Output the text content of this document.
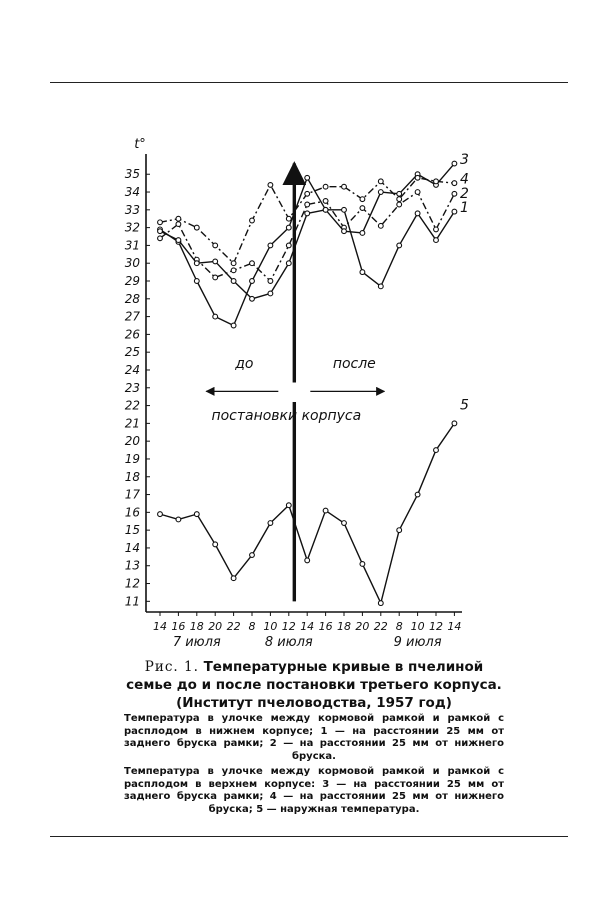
t°
11
12
13
14
15
16
17
18
19
20
21
22
23
24
25
26
27
28
29
30
31
32
33
34
35
14 16 18 20 22 8 10 12 14 16 18 20 22 8 10 12 14
7 июля	8 июля	9 июля
до	после
постановки корпуса
3
4
2
1
5
Рис. 1. Температурные кривые в пчелиной семье до и после постановки третьего корпуса. (Институт пчеловодства, 1957 год)
Температура в улочке между кормовой рамкой и рамкой с расплодом в нижнем корпусе; 1 — на расстоянии 25 мм от заднего бруска рамки; 2 — на расстоянии 25 мм от нижнего бруска.
Температура в улочке между кормовой рамкой и рамкой с расплодом в верхнем корпусе: 3 — на расстоянии 25 мм от заднего бруска рамки; 4 — на расстоянии 25 мм от нижнего бруска; 5 — наружная температура.
